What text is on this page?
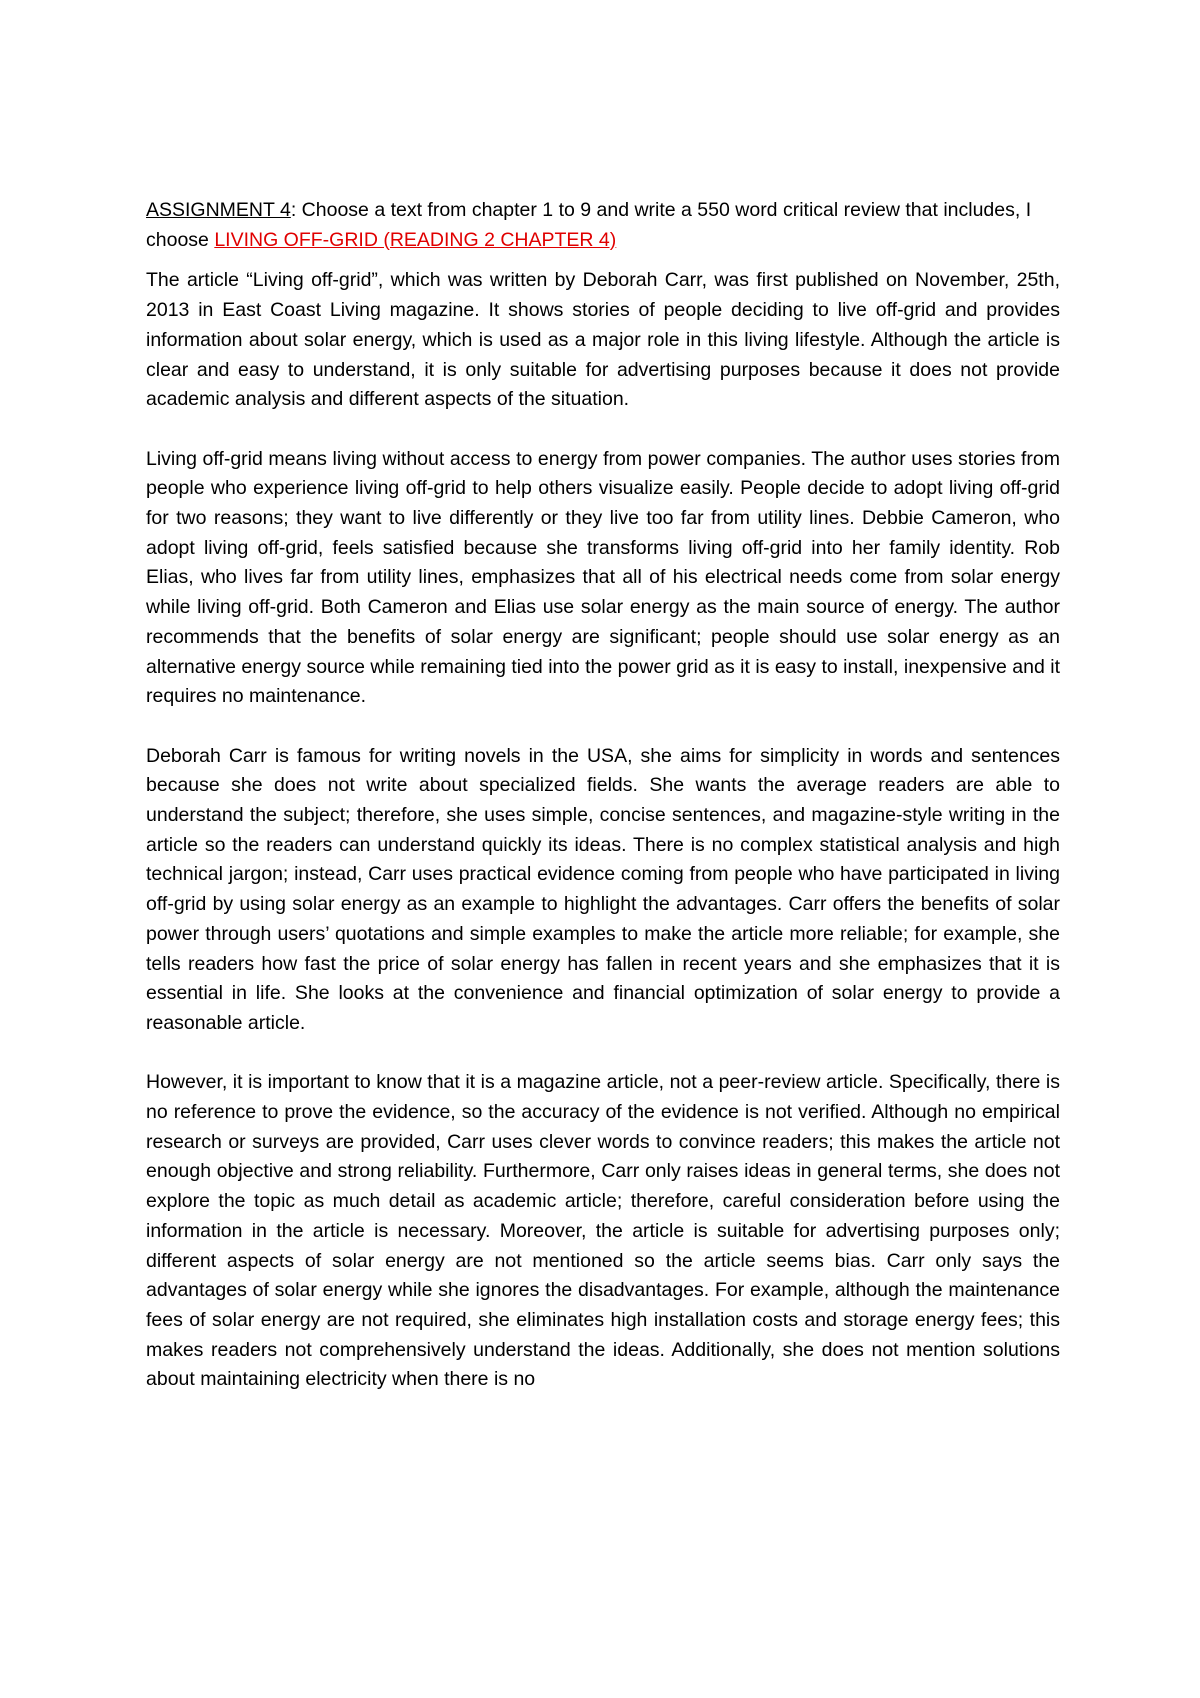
ASSIGNMENT 4: Choose a text from chapter 1 to 9 and write a 550 word critical review that includes, I choose LIVING OFF-GRID (READING 2 CHAPTER 4)

The article “Living off-grid”, which was written by Deborah Carr, was first published on November, 25th, 2013 in East Coast Living magazine. It shows stories of people deciding to live off-grid and provides information about solar energy, which is used as a major role in this living lifestyle. Although the article is clear and easy to understand, it is only suitable for advertising purposes because it does not provide academic analysis and different aspects of the situation.

Living off-grid means living without access to energy from power companies. The author uses stories from people who experience living off-grid to help others visualize easily. People decide to adopt living off-grid for two reasons; they want to live differently or they live too far from utility lines. Debbie Cameron, who adopt living off-grid, feels satisfied because she transforms living off-grid into her family identity. Rob Elias, who lives far from utility lines, emphasizes that all of his electrical needs come from solar energy while living off-grid. Both Cameron and Elias use solar energy as the main source of energy. The author recommends that the benefits of solar energy are significant; people should use solar energy as an alternative energy source while remaining tied into the power grid as it is easy to install, inexpensive and it requires no maintenance.

Deborah Carr is famous for writing novels in the USA, she aims for simplicity in words and sentences because she does not write about specialized fields. She wants the average readers are able to understand the subject; therefore, she uses simple, concise sentences, and magazine-style writing in the article so the readers can understand quickly its ideas. There is no complex statistical analysis and high technical jargon; instead, Carr uses practical evidence coming from people who have participated in living off-grid by using solar energy as an example to highlight the advantages. Carr offers the benefits of solar power through users’ quotations and simple examples to make the article more reliable; for example, she tells readers how fast the price of solar energy has fallen in recent years and she emphasizes that it is essential in life. She looks at the convenience and financial optimization of solar energy to provide a reasonable article.

However, it is important to know that it is a magazine article, not a peer-review article. Specifically, there is no reference to prove the evidence, so the accuracy of the evidence is not verified. Although no empirical research or surveys are provided, Carr uses clever words to convince readers; this makes the article not enough objective and strong reliability. Furthermore, Carr only raises ideas in general terms, she does not explore the topic as much detail as academic article; therefore, careful consideration before using the information in the article is necessary. Moreover, the article is suitable for advertising purposes only; different aspects of solar energy are not mentioned so the article seems bias. Carr only says the advantages of solar energy while she ignores the disadvantages. For example, although the maintenance fees of solar energy are not required, she eliminates high installation costs and storage energy fees; this makes readers not comprehensively understand the ideas. Additionally, she does not mention solutions about maintaining electricity when there is no
